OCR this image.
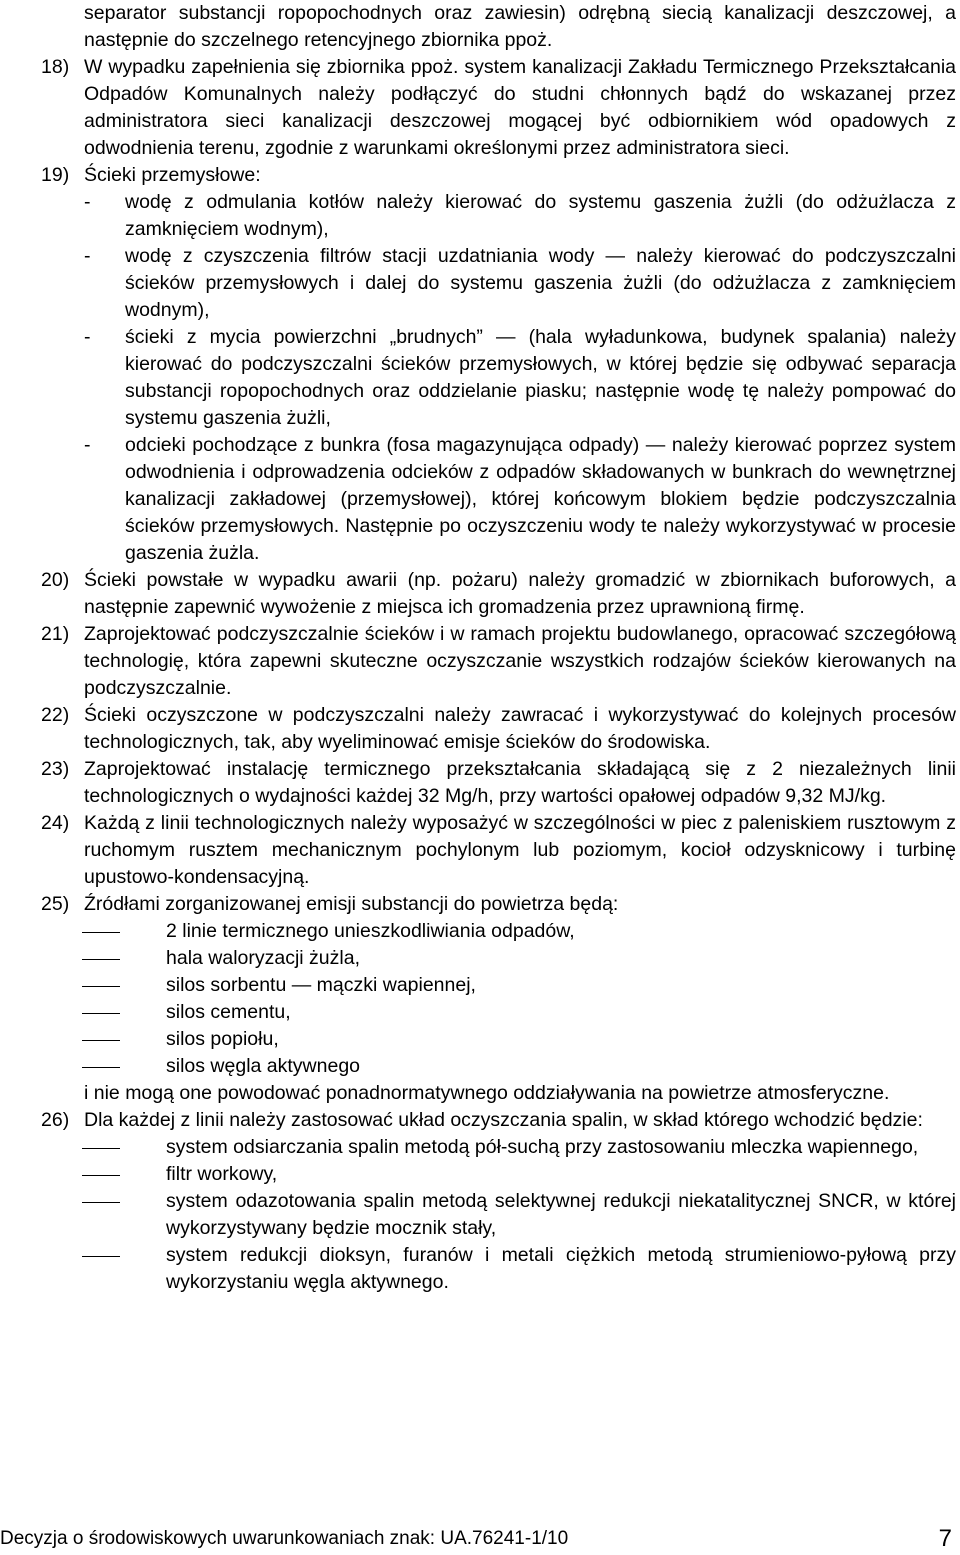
separator substancji ropopochodnych oraz zawiesin) odrębną siecią kanalizacji deszczowej, a następnie do szczelnego retencyjnego zbiornika ppoż.
18) W wypadku zapełnienia się zbiornika ppoż. system kanalizacji Zakładu Termicznego Przekształcania Odpadów Komunalnych należy podłączyć do studni chłonnych bądź do wskazanej przez administratora sieci kanalizacji deszczowej mogącej być odbiornikiem wód opadowych z odwodnienia terenu, zgodnie z warunkami określonymi przez administratora sieci.
19) Ścieki przemysłowe:
-	wodę z odmulania kotłów należy kierować do systemu gaszenia żużli (do odżużlacza z zamknięciem wodnym),
-	wodę z czyszczenia filtrów stacji uzdatniania wody ― należy kierować do podczyszczalni ścieków przemysłowych i dalej do systemu gaszenia żużli (do odżużlacza z zamknięciem wodnym),
-	ścieki z mycia powierzchni „brudnych” ― (hala wyładunkowa, budynek spalania) należy kierować do podczyszczalni ścieków przemysłowych, w której będzie się odbywać separacja substancji ropopochodnych oraz oddzielanie piasku; następnie wodę tę należy pompować do systemu gaszenia żużli,
-	odcieki pochodzące z bunkra (fosa magazynująca odpady) ― należy kierować poprzez system odwodnienia i odprowadzenia odcieków z odpadów składowanych w bunkrach do wewnętrznej kanalizacji zakładowej (przemysłowej), której końcowym blokiem będzie podczyszczalnia ścieków przemysłowych. Następnie po oczyszczeniu wody te należy wykorzystywać w procesie gaszenia żużla.
20) Ścieki powstałe w wypadku awarii (np. pożaru) należy gromadzić w zbiornikach buforowych, a następnie zapewnić wywożenie z miejsca ich gromadzenia przez uprawnioną firmę.
21) Zaprojektować podczyszczalnie ścieków i w ramach projektu budowlanego, opracować szczegółową technologię, która zapewni skuteczne oczyszczanie wszystkich rodzajów ścieków kierowanych na podczyszczalnie.
22) Ścieki oczyszczone w podczyszczalni należy zawracać i wykorzystywać do kolejnych procesów technologicznych, tak, aby wyeliminować emisje ścieków do środowiska.
23) Zaprojektować instalację termicznego przekształcania składającą się z 2 niezależnych linii technologicznych o wydajności każdej 32 Mg/h, przy wartości opałowej odpadów 9,32 MJ/kg.
24) Każdą z linii technologicznych należy wyposażyć w szczególności w piec z paleniskiem rusztowym z ruchomym rusztem mechanicznym pochylonym lub poziomym, kocioł odzysknicowy i turbinę upustowo-kondensacyjną.
25) Źródłami zorganizowanej emisji substancji do powietrza będą:
2 linie termicznego unieszkodliwiania odpadów,
hala waloryzacji żużla,
silos sorbentu ― mączki wapiennej,
silos cementu,
silos popiołu,
silos węgla aktywnego
i nie mogą one powodować ponadnormatywnego oddziaływania na powietrze atmosferyczne.
26) Dla każdej z linii należy zastosować układ oczyszczania spalin, w skład którego wchodzić będzie:
system odsiarczania spalin metodą pół-suchą przy zastosowaniu mleczka wapiennego,
filtr workowy,
system odazotowania spalin metodą selektywnej redukcji niekatalitycznej SNCR, w której wykorzystywany będzie mocznik stały,
system redukcji dioksyn, furanów i metali ciężkich metodą strumieniowo-pyłową przy wykorzystaniu węgla aktywnego.
Decyzja o środowiskowych uwarunkowaniach znak: UA.76241-1/10	7
